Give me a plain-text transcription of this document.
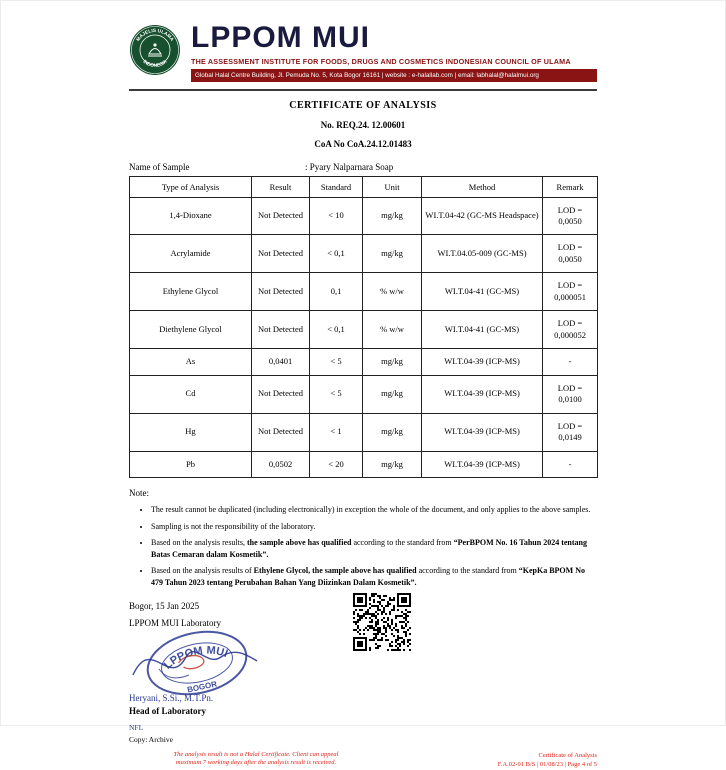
MAJELIS ULAMA
INDONESIA
LPPOM MUI
THE ASSESSMENT INSTITUTE FOR FOODS, DRUGS AND COSMETICS INDONESIAN COUNCIL OF ULAMA
Global Halal Centre Building, Jl. Pemuda No. 5, Kota Bogor 16161 | website : e-halallab.com | email: labhalal@halalmui.org
CERTIFICATE OF ANALYSIS
No. REQ.24. 12.00601
CoA No CoA.24.12.01483
Name of Sample	: Pyary Nalparnara Soap
Type of Analysis	Result	Standard	Unit	Method	Remark
1,4-Dioxane	Not Detected	< 10	mg/kg	WI.T.04-42 (GC-MS Headspace)	LOD = 0,0050
Acrylamide	Not Detected	< 0,1	mg/kg	WI.T.04.05-009 (GC-MS)	LOD = 0,0050
Ethylene Glycol	Not Detected	0,1	% w/w	WI.T.04-41 (GC-MS)	LOD = 0,000051
Diethylene Glycol	Not Detected	< 0,1	% w/w	WI.T.04-41 (GC-MS)	LOD = 0,000052
As	0,0401	< 5	mg/kg	WI.T.04-39 (ICP-MS)	-
Cd	Not Detected	< 5	mg/kg	WI.T.04-39 (ICP-MS)	LOD = 0,0100
Hg	Not Detected	< 1	mg/kg	WI.T.04-39 (ICP-MS)	LOD = 0,0149
Pb	0,0502	< 20	mg/kg	WI.T.04-39 (ICP-MS)	-
Note:
• The result cannot be duplicated (including electronically) in exception the whole of the document, and only applies to the above samples.
• Sampling is not the responsibility of the laboratory.
• Based on the analysis results, the sample above has qualified according to the standard from “PerBPOM No. 16 Tahun 2024 tentang Batas Cemaran dalam Kosmetik”.
• Based on the analysis results of Ethylene Glycol, the sample above has qualified according to the standard from “KepKa BPOM No 479 Tahun 2023 tentang Perubahan Bahan Yang Diizinkan Dalam Kosmetik”.
Bogor, 15 Jan 2025
LPPOM MUI Laboratory
LPPOM MUI
BOGOR
Heryani, S.Si., M.T.Pn.
Head of Laboratory
NFL
Copy: Archive
The analysis result is not a Halal Certificate. Client can appeal maximum 7 working days after the analysis result is received.
Certificate of Analysis
F.A.02-01 B/S | 01/08/23 | Page 4 of 5
